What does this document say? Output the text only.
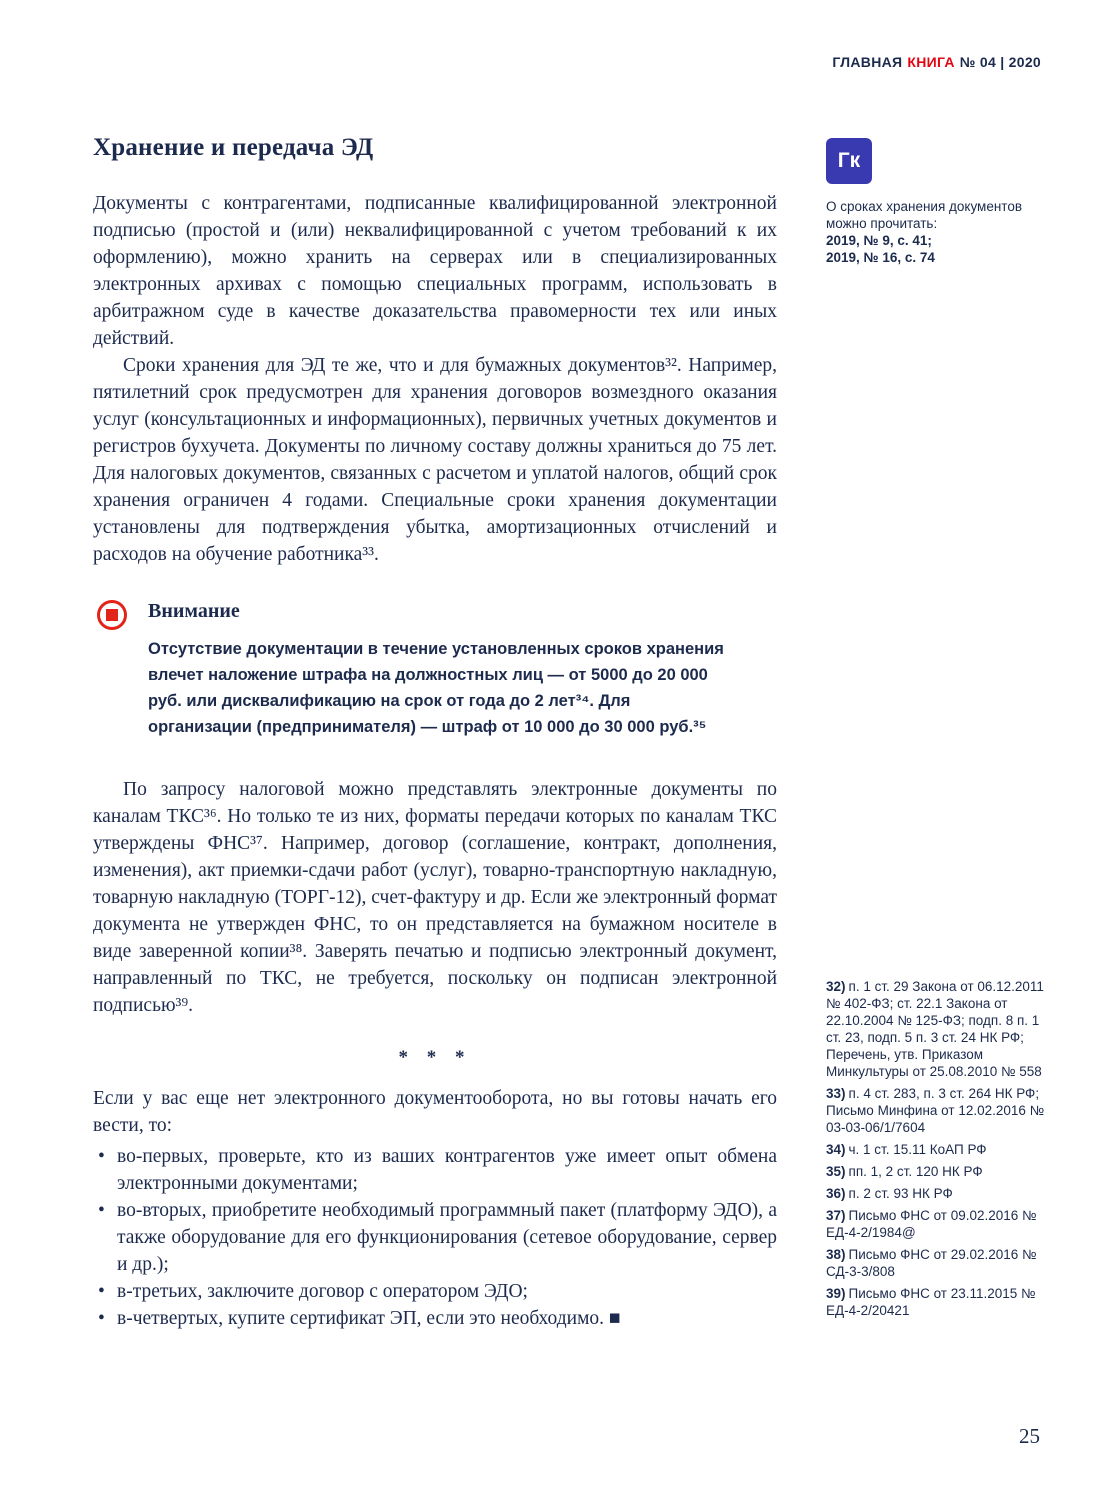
ГЛАВНАЯ КНИГА № 04 | 2020
Хранение и передача ЭД

Документы с контрагентами, подписанные квалифицированной электронной подписью (простой и (или) неквалифицированной с учетом требований к их оформлению), можно хранить на серверах или в специализированных электронных архивах с помощью специальных программ, использовать в арбитражном суде в качестве доказательства правомерности тех или иных действий.

Сроки хранения для ЭД те же, что и для бумажных документов³². Например, пятилетний срок предусмотрен для хранения договоров возмездного оказания услуг (консультационных и информационных), первичных учетных документов и регистров бухучета. Документы по личному составу должны храниться до 75 лет. Для налоговых документов, связанных с расчетом и уплатой налогов, общий срок хранения ограничен 4 годами. Специальные сроки хранения документации установлены для подтверждения убытка, амортизационных отчислений и расходов на обучение работника³³.

Внимание
Отсутствие документации в течение установленных сроков хранения влечет наложение штрафа на должностных лиц — от 5000 до 20 000 руб. или дисквалификацию на срок от года до 2 лет³⁴. Для организации (предпринимателя) — штраф от 10 000 до 30 000 руб.³⁵

По запросу налоговой можно представлять электронные документы по каналам ТКС³⁶. Но только те из них, форматы передачи которых по каналам ТКС утверждены ФНС³⁷. Например, договор (соглашение, контракт, дополнения, изменения), акт приемки-сдачи работ (услуг), товарно-транспортную накладную, товарную накладную (ТОРГ-12), счет-фактуру и др. Если же электронный формат документа не утвержден ФНС, то он представляется на бумажном носителе в виде заверенной копии³⁸. Заверять печатью и подписью электронный документ, направленный по ТКС, не требуется, поскольку он подписан электронной подписью³⁹.

* * *

Если у вас еще нет электронного документооборота, но вы готовы начать его вести, то:

• во-первых, проверьте, кто из ваших контрагентов уже имеет опыт обмена электронными документами;
• во-вторых, приобретите необходимый программный пакет (платформу ЭДО), а также оборудование для его функционирования (сетевое оборудование, сервер и др.);
• в-третьих, заключите договор с оператором ЭДО;
• в-четвертых, купите сертификат ЭП, если это необходимо. ■
Гк
О сроках хранения документов можно прочитать:
2019, № 9, с. 41;
2019, № 16, с. 74
32) п. 1 ст. 29 Закона от 06.12.2011 № 402-ФЗ; ст. 22.1 Закона от 22.10.2004 № 125-ФЗ; подп. 8 п. 1 ст. 23, подп. 5 п. 3 ст. 24 НК РФ; Перечень, утв. Приказом Минкультуры от 25.08.2010 № 558
33) п. 4 ст. 283, п. 3 ст. 264 НК РФ; Письмо Минфина от 12.02.2016 № 03-03-06/1/7604
34) ч. 1 ст. 15.11 КоАП РФ
35) пп. 1, 2 ст. 120 НК РФ
36) п. 2 ст. 93 НК РФ
37) Письмо ФНС от 09.02.2016 № ЕД-4-2/1984@
38) Письмо ФНС от 29.02.2016 № СД-3-3/808
39) Письмо ФНС от 23.11.2015 № ЕД-4-2/20421
25
